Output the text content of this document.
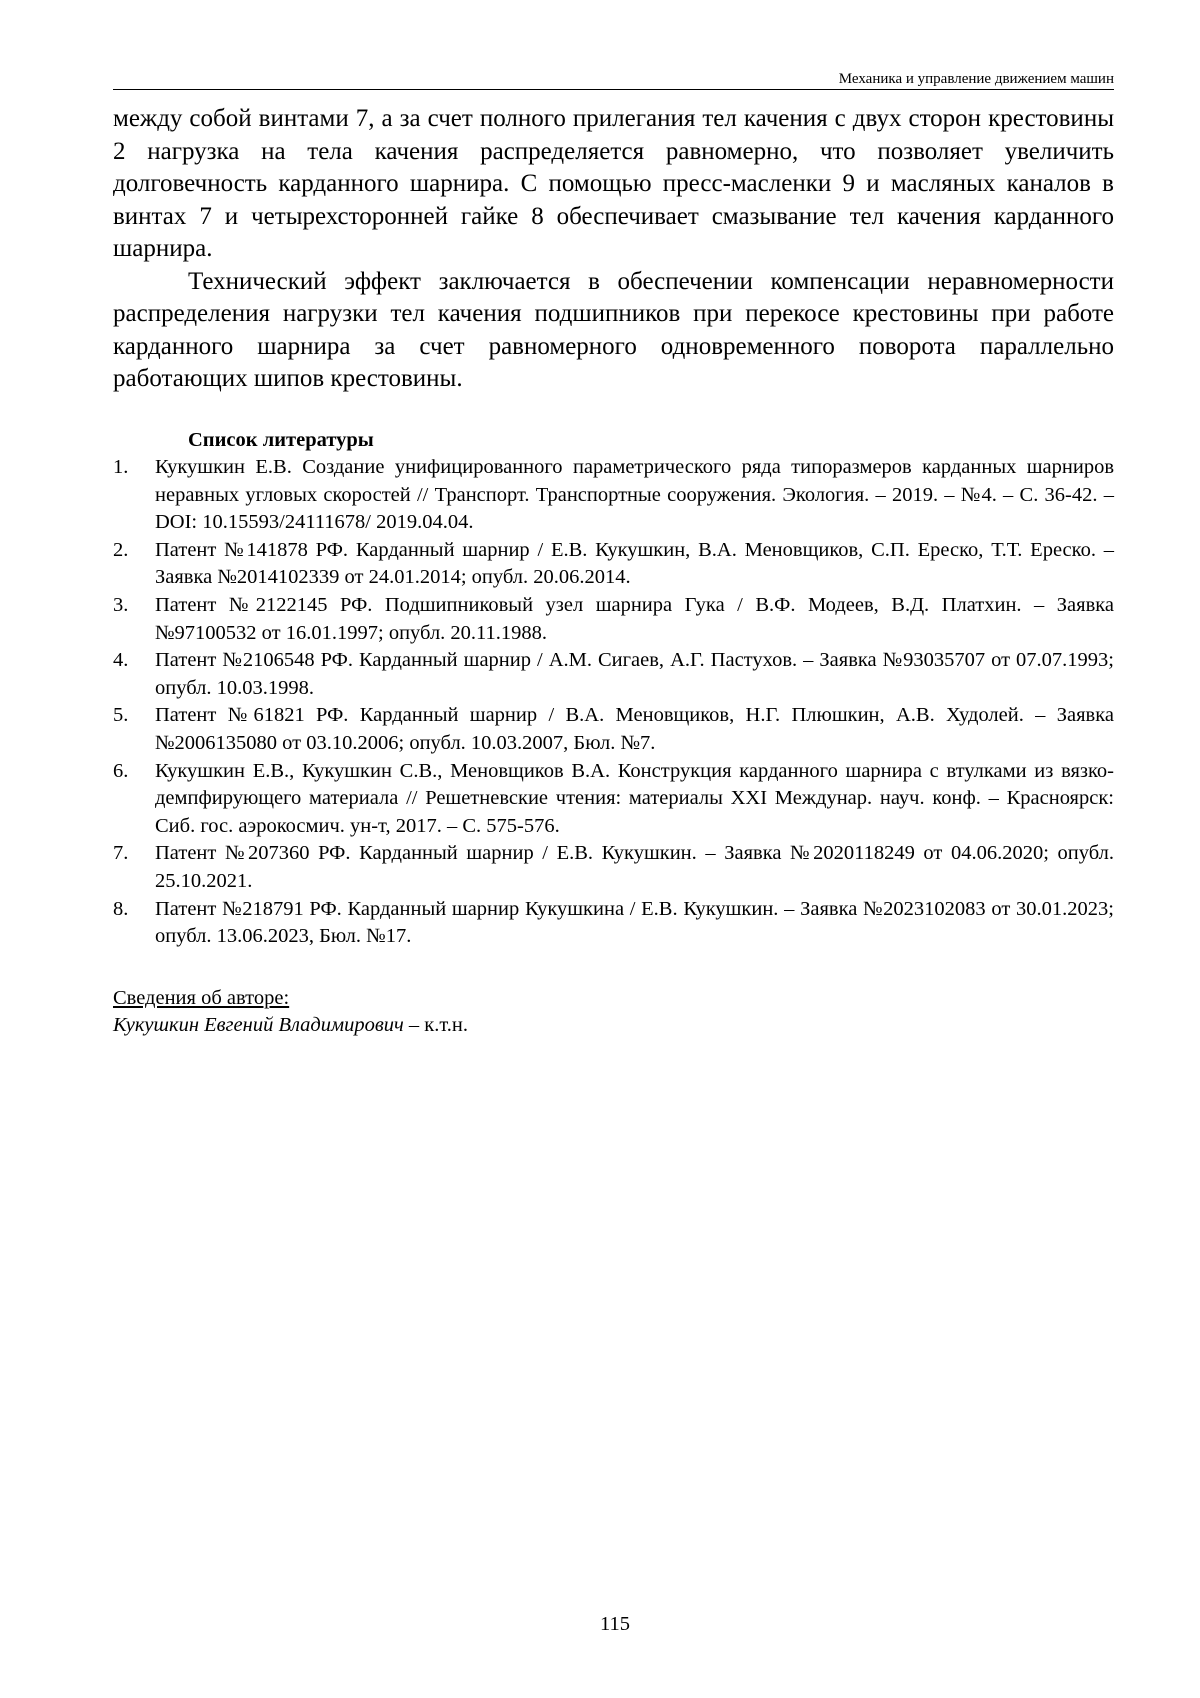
Механика и управление движением машин

между собой винтами 7, а за счет полного прилегания тел качения с двух сторон крестовины 2 нагрузка на тела качения распределяется равномерно, что позволяет увеличить долговечность карданного шарнира. С помощью пресс-масленки 9 и масляных каналов в винтах 7 и четырехсторонней гайке 8 обеспечивает смазывание тел качения карданного шарнира.

Технический эффект заключается в обеспечении компенсации неравномерности распределения нагрузки тел качения подшипников при перекосе крестовины при работе карданного шарнира за счет равномерного одновременного поворота параллельно работающих шипов крестовины.

Список литературы
1. Кукушкин Е.В. Создание унифицированного параметрического ряда типоразмеров карданных шарниров неравных угловых скоростей // Транспорт. Транспортные сооружения. Экология. – 2019. – №4. – С. 36-42. – DOI: 10.15593/24111678/ 2019.04.04.
2. Патент №141878 РФ. Карданный шарнир / Е.В. Кукушкин, В.А. Меновщиков, С.П. Ереско, Т.Т. Ереско. – Заявка №2014102339 от 24.01.2014; опубл. 20.06.2014.
3. Патент №2122145 РФ. Подшипниковый узел шарнира Гука / В.Ф. Модеев, В.Д. Платхин. – Заявка №97100532 от 16.01.1997; опубл. 20.11.1988.
4. Патент №2106548 РФ. Карданный шарнир / А.М. Сигаев, А.Г. Пастухов. – Заявка №93035707 от 07.07.1993; опубл. 10.03.1998.
5. Патент №61821 РФ. Карданный шарнир / В.А. Меновщиков, Н.Г. Плюшкин, А.В. Худолей. – Заявка №2006135080 от 03.10.2006; опубл. 10.03.2007, Бюл. №7.
6. Кукушкин Е.В., Кукушкин С.В., Меновщиков В.А. Конструкция карданного шарнира с втулками из вязко-демпфирующего материала // Решетневские чтения: материалы XXI Междунар. науч. конф. – Красноярск: Сиб. гос. аэрокосмич. ун-т, 2017. – С. 575-576.
7. Патент №207360 РФ. Карданный шарнир / Е.В. Кукушкин. – Заявка №2020118249 от 04.06.2020; опубл. 25.10.2021.
8. Патент №218791 РФ. Карданный шарнир Кукушкина / Е.В. Кукушкин. – Заявка №2023102083 от 30.01.2023; опубл. 13.06.2023, Бюл. №17.
Сведения об авторе:
Кукушкин Евгений Владимирович – к.т.н.
115
